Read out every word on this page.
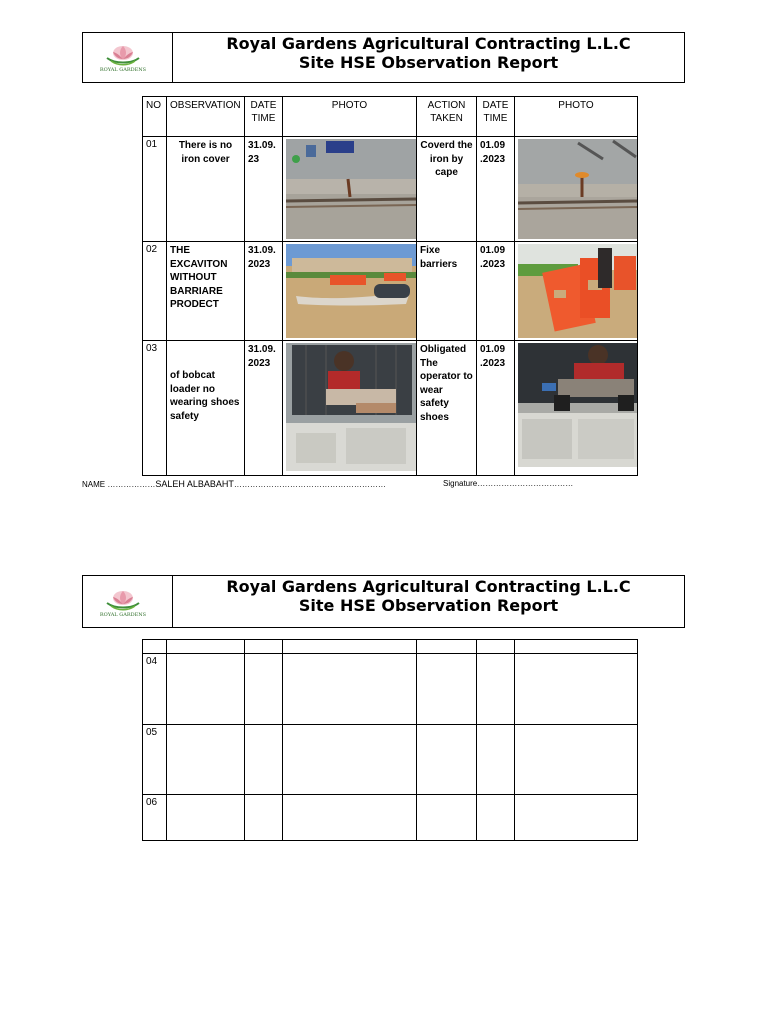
ROYAL GARDENS
Royal Gardens Agricultural Contracting L.L.C
Site HSE Observation Report
NO	OBSERVATION	DATE TIME	PHOTO	ACTION TAKEN	DATE TIME	PHOTO
01	There is no iron cover	31.09. 23		Coverd the iron by cape	01.09 .2023	

02	THE EXCAVITON WITHOUT BARRIARE PRODECT	31.09. 2023		Fixe barriers	01.09 .2023	

03	of bobcat loader no wearing shoes safety	31.09. 2023		Obligated The operator to wear safety shoes	01.09 .2023	
NAME ………………SALEH ALBABAHT…………………………………………………	Signature………………………………
ROYAL GARDENS
Royal Gardens Agricultural Contracting L.L.C
Site HSE Observation Report

04						
05						
06						
